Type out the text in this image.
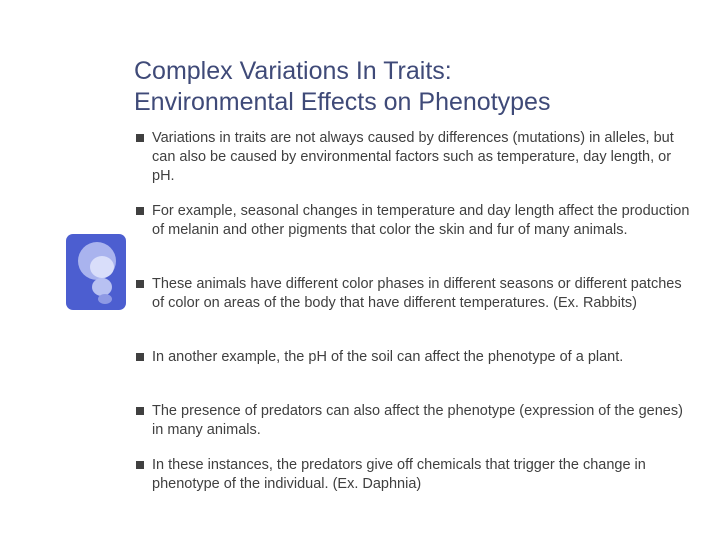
Complex Variations In Traits:
Environmental Effects on Phenotypes
Variations in traits are not always caused by differences (mutations) in alleles, but can also be caused by environmental factors such as temperature, day length, or pH.
For example, seasonal changes in temperature and day length affect the production of melanin and other pigments that color the skin and fur of many animals.
These animals have different color phases in different seasons or different patches of color on areas of the body that have different temperatures. (Ex. Rabbits)
In another example, the pH of the soil can affect the phenotype of a plant.
The presence of predators can also affect the phenotype (expression of the genes) in many animals.
In these instances, the predators give off chemicals that trigger the change in phenotype of the individual. (Ex. Daphnia)
